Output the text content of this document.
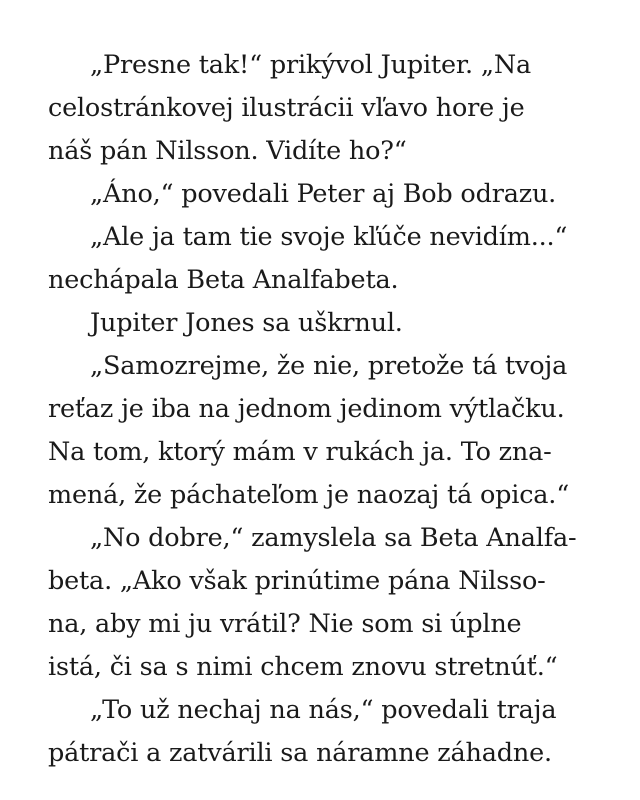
„Presne tak!“ prikývol Jupiter. „Na
celostránkovej ilustrácii vľavo hore je
náš pán Nilsson. Vidíte ho?“
„Áno,“ povedali Peter aj Bob odrazu.
„Ale ja tam tie svoje kľúče nevidím...“
nechápala Beta Analfabeta.
Jupiter Jones sa uškrnul.
„Samozrejme, že nie, pretože tá tvoja
reťaz je iba na jednom jedinom výtlačku.
Na tom, ktorý mám v rukách ja. To zna-
mená, že páchateľom je naozaj tá opica.“
„No dobre,“ zamyslela sa Beta Analfa-
beta. „Ako však prinútime pána Nilsso-
na, aby mi ju vrátil? Nie som si úplne
istá, či sa s nimi chcem znovu stretnúť.“
„To už nechaj na nás,“ povedali traja
pátrači a zatvárili sa náramne záhadne.
